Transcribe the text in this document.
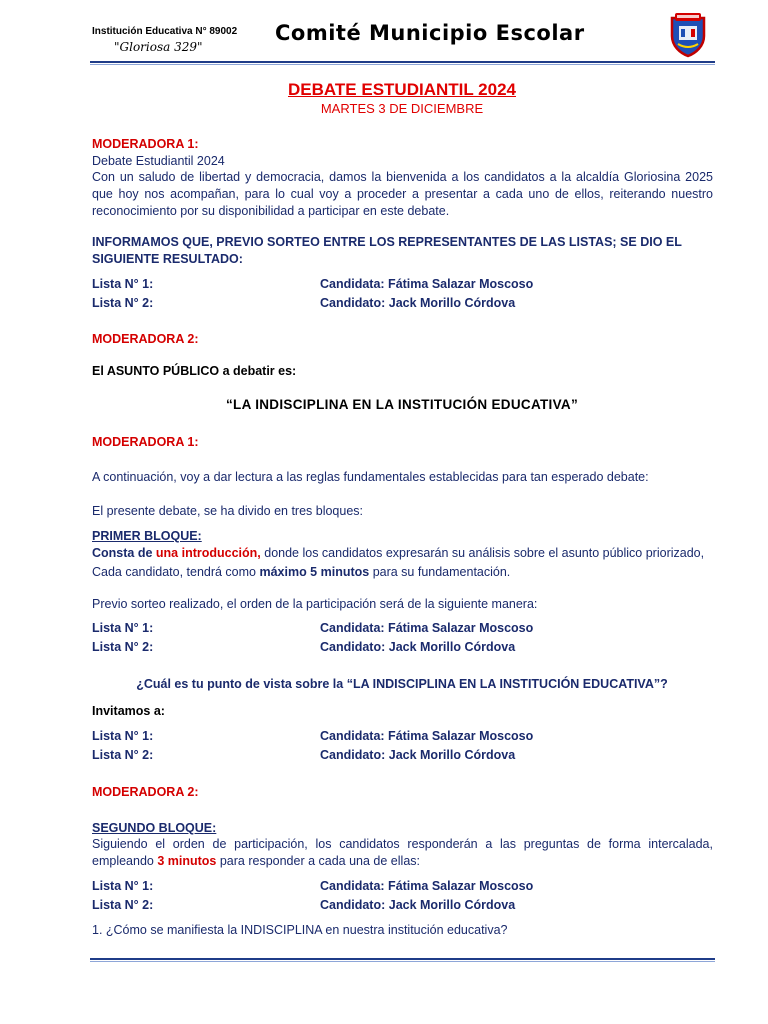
Institución Educativa N° 89002
"Gloriosa 329"
Comité Municipio Escolar
DEBATE ESTUDIANTIL 2024
MARTES 3 DE DICIEMBRE
MODERADORA 1:
Debate Estudiantil 2024
Con un saludo de libertad y democracia, damos la bienvenida a los candidatos a la alcaldía Gloriosina 2025 que hoy nos acompañan, para lo cual voy a proceder a presentar a cada uno de ellos, reiterando nuestro reconocimiento por su disponibilidad a participar en este debate.
INFORMAMOS QUE, PREVIO SORTEO ENTRE LOS REPRESENTANTES DE LAS LISTAS; SE DIO EL SIGUIENTE RESULTADO:
Lista N° 1:	Candidata: Fátima Salazar Moscoso
Lista N° 2:	Candidato: Jack Morillo Córdova
MODERADORA 2:
El ASUNTO PÚBLICO a debatir es:
“LA INDISCIPLINA EN LA INSTITUCIÓN EDUCATIVA”
MODERADORA 1:
A continuación, voy a dar lectura a las reglas fundamentales establecidas para tan esperado debate:
El presente debate, se ha divido en tres bloques:
PRIMER BLOQUE:
Consta de una introducción, donde los candidatos expresarán su análisis sobre el asunto público priorizado,
Cada candidato, tendrá como máximo 5 minutos para su fundamentación.
Previo sorteo realizado, el orden de la participación será de la siguiente manera:
Lista N° 1:	Candidata: Fátima Salazar Moscoso
Lista N° 2:	Candidato: Jack Morillo Córdova
¿Cuál es tu punto de vista sobre la “LA INDISCIPLINA EN LA INSTITUCIÓN EDUCATIVA”?
Invitamos a:
Lista N° 1:	Candidata: Fátima Salazar Moscoso
Lista N° 2:	Candidato: Jack Morillo Córdova
MODERADORA 2:
SEGUNDO BLOQUE:
Siguiendo el orden de participación, los candidatos responderán a las preguntas de forma intercalada, empleando 3 minutos para responder a cada una de ellas:
Lista N° 1:	Candidata: Fátima Salazar Moscoso
Lista N° 2:	Candidato: Jack Morillo Córdova
1. ¿Cómo se manifiesta la INDISCIPLINA en nuestra institución educativa?
